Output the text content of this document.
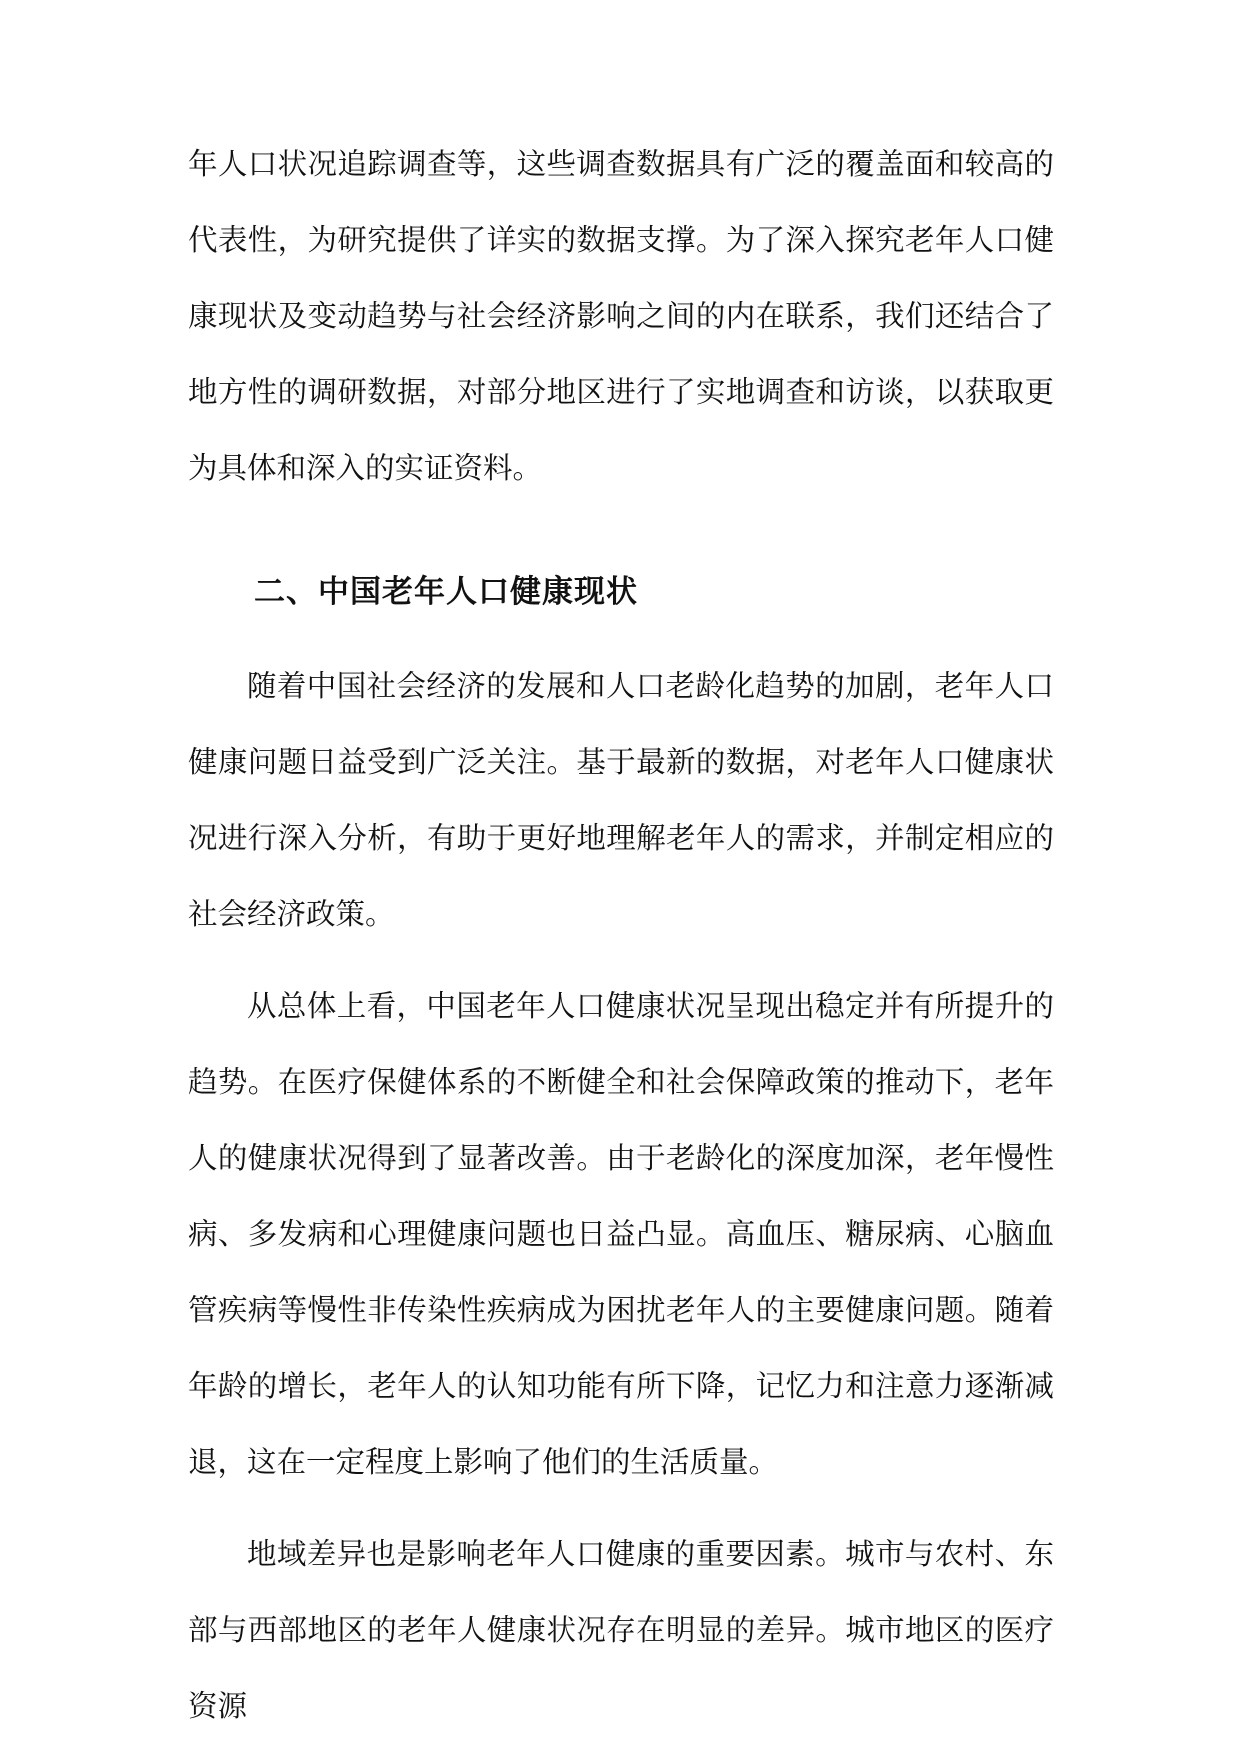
年人口状况追踪调查等，这些调查数据具有广泛的覆盖面和较高的代表性，为研究提供了详实的数据支撑。为了深入探究老年人口健康现状及变动趋势与社会经济影响之间的内在联系，我们还结合了地方性的调研数据，对部分地区进行了实地调查和访谈，以获取更为具体和深入的实证资料。

二、中国老年人口健康现状

随着中国社会经济的发展和人口老龄化趋势的加剧，老年人口健康问题日益受到广泛关注。基于最新的数据，对老年人口健康状况进行深入分析，有助于更好地理解老年人的需求，并制定相应的社会经济政策。

从总体上看，中国老年人口健康状况呈现出稳定并有所提升的趋势。在医疗保健体系的不断健全和社会保障政策的推动下，老年人的健康状况得到了显著改善。由于老龄化的深度加深，老年慢性病、多发病和心理健康问题也日益凸显。高血压、糖尿病、心脑血管疾病等慢性非传染性疾病成为困扰老年人的主要健康问题。随着年龄的增长，老年人的认知功能有所下降，记忆力和注意力逐渐减退，这在一定程度上影响了他们的生活质量。

地域差异也是影响老年人口健康的重要因素。城市与农村、东部与西部地区的老年人健康状况存在明显的差异。城市地区的医疗资源
